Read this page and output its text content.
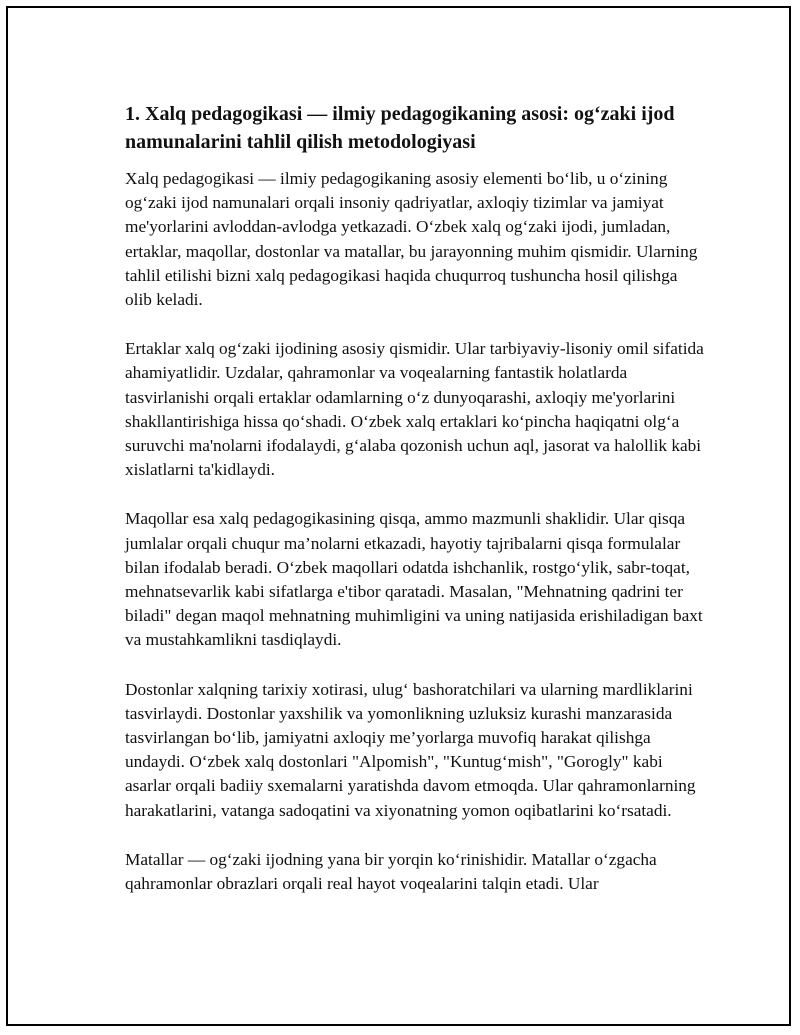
1. Xalq pedagogikasi — ilmiy pedagogikaning asosi: og‘zaki ijod namunalarini tahlil qilish metodologiyasi

Xalq pedagogikasi — ilmiy pedagogikaning asosiy elementi bo‘lib, u o‘zining og‘zaki ijod namunalari orqali insoniy qadriyatlar, axloqiy tizimlar va jamiyat me'yorlarini avloddan-avlodga yetkazadi. O‘zbek xalq og‘zaki ijodi, jumladan, ertaklar, maqollar, dostonlar va matallar, bu jarayonning muhim qismidir. Ularning tahlil etilishi bizni xalq pedagogikasi haqida chuqurroq tushuncha hosil qilishga olib keladi.

Ertaklar xalq og‘zaki ijodining asosiy qismidir. Ular tarbiyaviy-lisoniy omil sifatida ahamiyatlidir. Uzdalar, qahramonlar va voqealarning fantastik holatlarda tasvirlanishi orqali ertaklar odamlarning o‘z dunyoqarashi, axloqiy me'yorlarini shakllantirishiga hissa qo‘shadi. O‘zbek xalq ertaklari ko‘pincha haqiqatni olg‘a suruvchi ma'nolarni ifodalaydi, g‘alaba qozonish uchun aql, jasorat va halollik kabi xislatlarni ta'kidlaydi.

Maqollar esa xalq pedagogikasining qisqa, ammo mazmunli shaklidir. Ular qisqa jumlalar orqali chuqur ma’nolarni etkazadi, hayotiy tajribalarni qisqa formulalar bilan ifodalab beradi. O‘zbek maqollari odatda ishchanlik, rostgo‘ylik, sabr-toqat, mehnatsevarlik kabi sifatlarga e'tibor qaratadi. Masalan, "Mehnatning qadrini ter biladi" degan maqol mehnatning muhimligini va uning natijasida erishiladigan baxt va mustahkamlikni tasdiqlaydi.

Dostonlar xalqning tarixiy xotirasi, ulug‘ bashoratchilari va ularning mardliklarini tasvirlaydi. Dostonlar yaxshilik va yomonlikning uzluksiz kurashi manzarasida tasvirlangan bo‘lib, jamiyatni axloqiy me’yorlarga muvofiq harakat qilishga undaydi. O‘zbek xalq dostonlari "Alpomish", "Kuntug‘mish", "Gorogly" kabi asarlar orqali badiiy sxemalarni yaratishda davom etmoqda. Ular qahramonlarning harakatlarini, vatanga sadoqatini va xiyonatning yomon oqibatlarini ko‘rsatadi.

Matallar — og‘zaki ijodning yana bir yorqin ko‘rinishidir. Matallar o‘zgacha qahramonlar obrazlari orqali real hayot voqealarini talqin etadi. Ular
